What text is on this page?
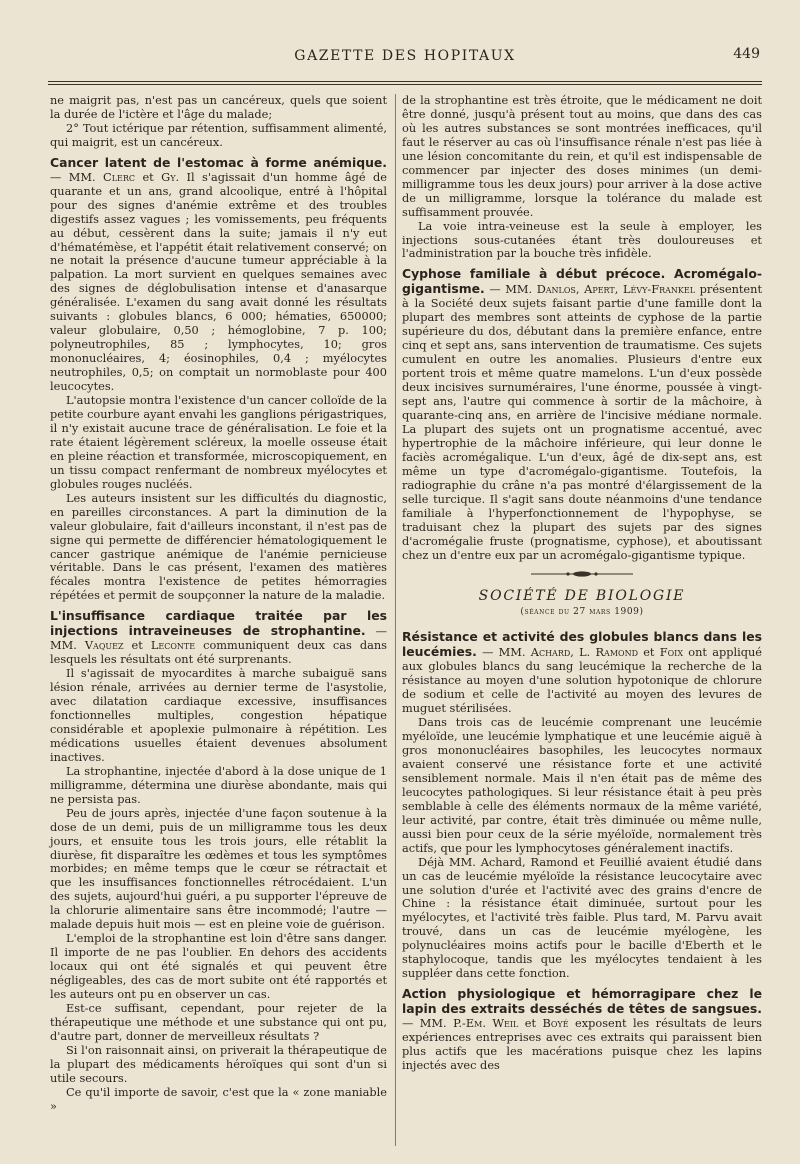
GAZETTE DES HOPITAUX	449

ne maigrit pas, n'est pas un cancéreux, quels que soient la durée de l'ictère et l'âge du malade;

2° Tout ictérique par rétention, suffisamment alimenté, qui maigrit, est un cancéreux.

Cancer latent de l'estomac à forme anémique. — MM. Clerc et Gy. Il s'agissait d'un homme âgé de quarante et un ans, grand alcoolique, entré à l'hôpital pour des signes d'anémie extrême et des troubles digestifs assez vagues ; les vomissements, peu fréquents au début, cessèrent dans la suite; jamais il n'y eut d'hématémèse, et l'appétit était relativement conservé; on ne notait la présence d'aucune tumeur appréciable à la palpation. La mort survient en quelques semaines avec des signes de déglobulisation intense et d'anasarque généralisée. L'examen du sang avait donné les résultats suivants : globules blancs, 6 000; hématies, 650000; valeur globulaire, 0,50 ; hémoglobine, 7 p. 100; polyneutrophiles, 85 ; lymphocytes, 10; gros mononucléaires, 4; éosinophiles, 0,4 ; myélocytes neutrophiles, 0,5; on comptait un normoblaste pour 400 leucocytes.

L'autopsie montra l'existence d'un cancer colloïde de la petite courbure ayant envahi les ganglions périgastriques, il n'y existait aucune trace de généralisation. Le foie et la rate étaient légèrement scléreux, la moelle osseuse était en pleine réaction et transformée, microscopiquement, en un tissu compact renfermant de nombreux myélocytes et globules rouges nucléés.

Les auteurs insistent sur les difficultés du diagnostic, en pareilles circonstances. A part la diminution de la valeur globulaire, fait d'ailleurs inconstant, il n'est pas de signe qui permette de différencier hématologiquement le cancer gastrique anémique de l'anémie pernicieuse véritable. Dans le cas présent, l'examen des matières fécales montra l'existence de petites hémorragies répétées et permit de soupçonner la nature de la maladie.

L'insuffisance cardiaque traitée par les injections intraveineuses de strophantine. — MM. Vaquez et Leconte communiquent deux cas dans lesquels les résultats ont été surprenants.

Il s'agissait de myocardites à marche subaiguë sans lésion rénale, arrivées au dernier terme de l'asystolie, avec dilatation cardiaque excessive, insuffisances fonctionnelles multiples, congestion hépatique considérable et apoplexie pulmonaire à répétition. Les médications usuelles étaient devenues absolument inactives.

La strophantine, injectée d'abord à la dose unique de 1 milligramme, détermina une diurèse abondante, mais qui ne persista pas.

Peu de jours après, injectée d'une façon soutenue à la dose de un demi, puis de un milligramme tous les deux jours, et ensuite tous les trois jours, elle rétablit la diurèse, fit disparaître les œdèmes et tous les symptômes morbides; en même temps que le cœur se rétractait et que les insuffisances fonctionnelles rétrocédaient. L'un des sujets, aujourd'hui guéri, a pu supporter l'épreuve de la chlorurie alimentaire sans être incommodé; l'autre — malade depuis huit mois — est en pleine voie de guérison.

L'emploi de la strophantine est loin d'être sans danger. Il importe de ne pas l'oublier. En dehors des accidents locaux qui ont été signalés et qui peuvent être négligeables, des cas de mort subite ont été rapportés et les auteurs ont pu en observer un cas.

Est-ce suffisant, cependant, pour rejeter de la thérapeutique une méthode et une substance qui ont pu, d'autre part, donner de merveilleux résultats ?

Si l'on raisonnait ainsi, on priverait la thérapeutique de la plupart des médicaments héroïques qui sont d'un si utile secours.

Ce qu'il importe de savoir, c'est que la « zone maniable »

de la strophantine est très étroite, que le médicament ne doit être donné, jusqu'à présent tout au moins, que dans des cas où les autres substances se sont montrées inefficaces, qu'il faut le réserver au cas où l'insuffisance rénale n'est pas liée à une lésion concomitante du rein, et qu'il est indispensable de commencer par injecter des doses minimes (un demi-milligramme tous les deux jours) pour arriver à la dose active de un milligramme, lorsque la tolérance du malade est suffisamment prouvée.

La voie intra-veineuse est la seule à employer, les injections sous-cutanées étant très douloureuses et l'administration par la bouche très infidèle.

Cyphose familiale à début précoce. Acromégalo-gigantisme. — MM. Danlos, Apert, Lévy-Frankel présentent à la Société deux sujets faisant partie d'une famille dont la plupart des membres sont atteints de cyphose de la partie supérieure du dos, débutant dans la première enfance, entre cinq et sept ans, sans intervention de traumatisme. Ces sujets cumulent en outre les anomalies. Plusieurs d'entre eux portent trois et même quatre mamelons. L'un d'eux possède deux incisives surnuméraires, l'une énorme, poussée à vingt-sept ans, l'autre qui commence à sortir de la mâchoire, à quarante-cinq ans, en arrière de l'incisive médiane normale. La plupart des sujets ont un prognatisme accentué, avec hypertrophie de la mâchoire inférieure, qui leur donne le faciès acromégalique. L'un d'eux, âgé de dix-sept ans, est même un type d'acromégalo-gigantisme. Toutefois, la radiographie du crâne n'a pas montré d'élargissement de la selle turcique. Il s'agit sans doute néanmoins d'une tendance familiale à l'hyperfonctionnement de l'hypophyse, se traduisant chez la plupart des sujets par des signes d'acromégalie fruste (prognatisme, cyphose), et aboutissant chez un d'entre eux par un acromégalo-gigantisme typique.

SOCIÉTÉ DE BIOLOGIE
(séance du 27 mars 1909)

Résistance et activité des globules blancs dans les leucémies. — MM. Achard, L. Ramond et Foix ont appliqué aux globules blancs du sang leucémique la recherche de la résistance au moyen d'une solution hypotonique de chlorure de sodium et celle de l'activité au moyen des levures de muguet stérilisées.

Dans trois cas de leucémie comprenant une leucémie myéloïde, une leucémie lymphatique et une leucémie aiguë à gros mononucléaires basophiles, les leucocytes normaux avaient conservé une résistance forte et une activité sensiblement normale. Mais il n'en était pas de même des leucocytes pathologiques. Si leur résistance était à peu près semblable à celle des éléments normaux de la même variété, leur activité, par contre, était très diminuée ou même nulle, aussi bien pour ceux de la série myéloïde, normalement très actifs, que pour les lymphocytoses généralement inactifs.

Déjà MM. Achard, Ramond et Feuillié avaient étudié dans un cas de leucémie myéloïde la résistance leucocytaire avec une solution d'urée et l'activité avec des grains d'encre de Chine : la résistance était diminuée, surtout pour les myélocytes, et l'activité très faible. Plus tard, M. Parvu avait trouvé, dans un cas de leucémie myélogène, les polynucléaires moins actifs pour le bacille d'Eberth et le staphylocoque, tandis que les myélocytes tendaient à les suppléer dans cette fonction.

Action physiologique et hémorragipare chez le lapin des extraits desséchés de têtes de sangsues. — MM. P.-Em. Weil et Boyé exposent les résultats de leurs expériences entreprises avec ces extraits qui paraissent bien plus actifs que les macérations puisque chez les lapins injectés avec des
